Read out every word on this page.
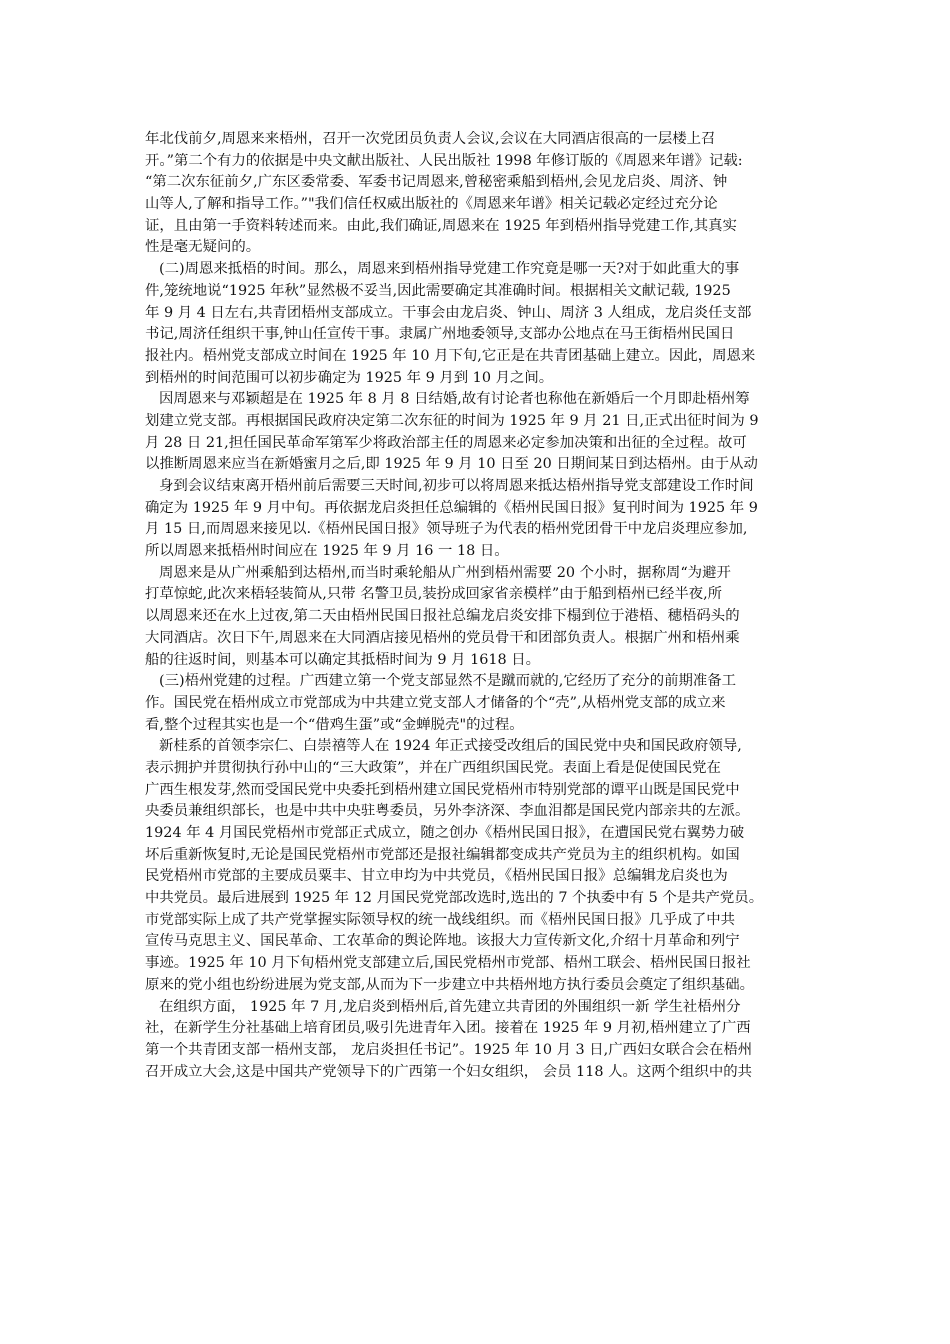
年北伐前夕,周恩来来梧州，召开一次党团员负责人会议,会议在大同酒店很高的一层楼上召
开。”第二个有力的依据是中央文献出版社、人民出版社 1998 年修订版的《周恩来年谱》记载:
“第二次东征前夕,广东区委常委、军委书记周恩来,曾秘密乘船到梧州,会见龙启炎、周济、钟
山等人,了解和指导工作。”"我们信任权威出版社的《周恩来年谱》相关记载必定经过充分论
证，且由第一手资料转述而来。由此,我们确证,周恩来在 1925 年到梧州指导党建工作,其真实
性是毫无疑问的。
(二)周恩来抵梧的时间。那么，周恩来到梧州指导党建工作究竟是哪一天?对于如此重大的事
件,笼统地说“1925 年秋”显然极不妥当,因此需要确定其准确时间。根据相关文献记载, 1925
年 9 月 4 日左右,共青团梧州支部成立。干事会由龙启炎、钟山、周济 3 人组成，龙启炎任支部
书记,周济任组织干事,钟山任宣传干事。隶属广州地委领导,支部办公地点在马王街梧州民国日
报社内。梧州党支部成立时间在 1925 年 10 月下旬,它正是在共青团基础上建立。因此，周恩来
到梧州的时间范围可以初步确定为 1925 年 9 月到 10 月之间。
因周恩来与邓颖超是在 1925 年 8 月 8 日结婚,故有讨论者也称他在新婚后一个月即赴梧州筹
划建立党支部。再根据国民政府决定第二次东征的时间为 1925 年 9 月 21 日,正式出征时间为 9
月 28 日 21,担任国民革命军第军少将政治部主任的周恩来必定参加决策和出征的全过程。故可
以推断周恩来应当在新婚蜜月之后,即 1925 年 9 月 10 日至 20 日期间某日到达梧州。由于从动
身到会议结束离开梧州前后需要三天时间,初步可以将周恩来抵达梧州指导党支部建设工作时间
确定为 1925 年 9 月中旬。再依据龙启炎担任总编辑的《梧州民国日报》复刊时间为 1925 年 9
月 15 日,而周恩来接见以.《梧州民国日报》领导班子为代表的梧州党团骨干中龙启炎理应参加,
所以周恩来抵梧州时间应在 1925 年 9 月 16 一 18 日。
周恩来是从广州乘船到达梧州,而当时乘轮船从广州到梧州需要 20 个小时，据称周“为避开
打草惊蛇,此次来梧轻装简从,只带 名警卫员,装扮成回家省亲模样”由于船到梧州已经半夜,所
以周恩来还在水上过夜,第二天由梧州民国日报社总编龙启炎安排下榻到位于港梧、穗梧码头的
大同酒店。次日下午,周恩来在大同酒店接见梧州的党员骨干和团部负责人。根据广州和梧州乘
船的往返时间，则基本可以确定其抵梧时间为 9 月 1618 日。
(三)梧州党建的过程。广西建立第一个党支部显然不是蹴而就的,它经历了充分的前期准备工
作。国民党在梧州成立市党部成为中共建立党支部人才储备的个“壳”,从梧州党支部的成立来
看,整个过程其实也是一个“借鸡生蛋”或“金蝉脱壳"的过程。
新桂系的首领李宗仁、白崇禧等人在 1924 年正式接受改组后的国民党中央和国民政府领导,
表示拥护并贯彻执行孙中山的“三大政策”，并在广西组织国民党。表面上看是促使国民党在
广西生根发芽,然而受国民党中央委托到梧州建立国民党梧州市特别党部的谭平山既是国民党中
央委员兼组织部长，也是中共中央驻粤委员，另外李济深、李血泪都是国民党内部亲共的左派。
1924 年 4 月国民党梧州市党部正式成立，随之创办《梧州民国日报》，在遭国民党右翼势力破
坏后重新恢复时,无论是国民党梧州市党部还是报社编辑都变成共产党员为主的组织机构。如国
民党梧州市党部的主要成员粟丰、甘立申均为中共党员，《梧州民国日报》总编辑龙启炎也为
中共党员。最后进展到 1925 年 12 月国民党党部改选时,选出的 7 个执委中有 5 个是共产党员。
市党部实际上成了共产党掌握实际领导权的统一战线组织。而《梧州民国日报》几乎成了中共
宣传马克思主义、国民革命、工农革命的舆论阵地。该报大力宣传新文化,介绍十月革命和列宁
事迹。1925 年 10 月下旬梧州党支部建立后,国民党梧州市党部、梧州工联会、梧州民国日报社
原来的党小组也纷纷进展为党支部,从而为下一步建立中共梧州地方执行委员会奠定了组织基础。
在组织方面， 1925 年 7 月,龙启炎到梧州后,首先建立共青团的外围组织一新 学生社梧州分
社，在新学生分社基础上培育团员,吸引先进青年入团。接着在 1925 年 9 月初,梧州建立了广西
第一个共青团支部一梧州支部， 龙启炎担任书记”。1925 年 10 月 3 日,广西妇女联合会在梧州
召开成立大会,这是中国共产党领导下的广西第一个妇女组织， 会员 118 人。这两个组织中的共
